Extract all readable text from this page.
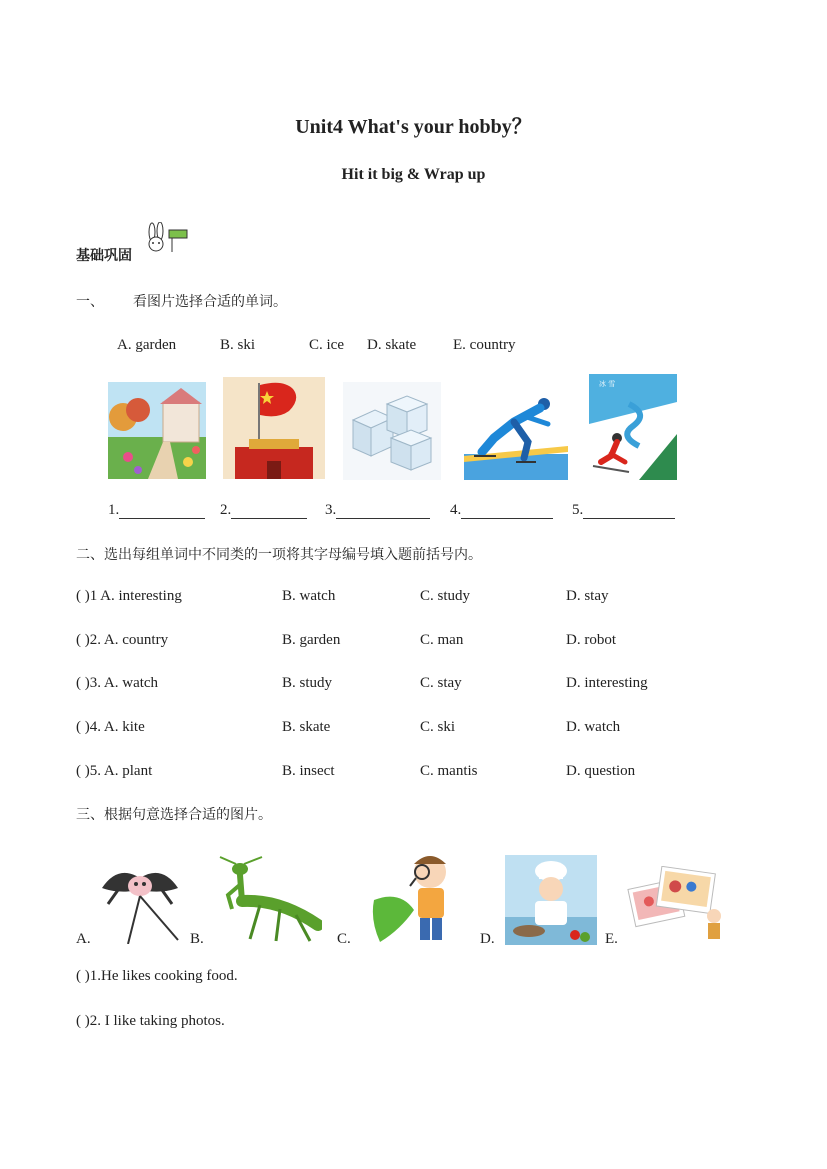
Unit4 What's your hobby？
Hit it big & Wrap up
基础巩固
一、 看图片选择合适的单词。
A. garden	B. ski	C. ice D. skate E. country
冰 雪
1.	2.	3.	4.	5.
二、选出每组单词中不同类的一项将其字母编号填入题前括号内。
( )1 A. interesting	B. watch	C. study	D. stay
( )2. A. country	B. garden	C. man	D. robot
( )3. A. watch	B. study	C. stay	D. interesting
( )4. A. kite	B. skate	C. ski	D. watch
( )5. A. plant	B. insect	C. mantis	D. question
三、根据句意选择合适的图片。
A.	B.	C.	D.	E.
( )1.He likes cooking food.
( )2. I like taking photos.
